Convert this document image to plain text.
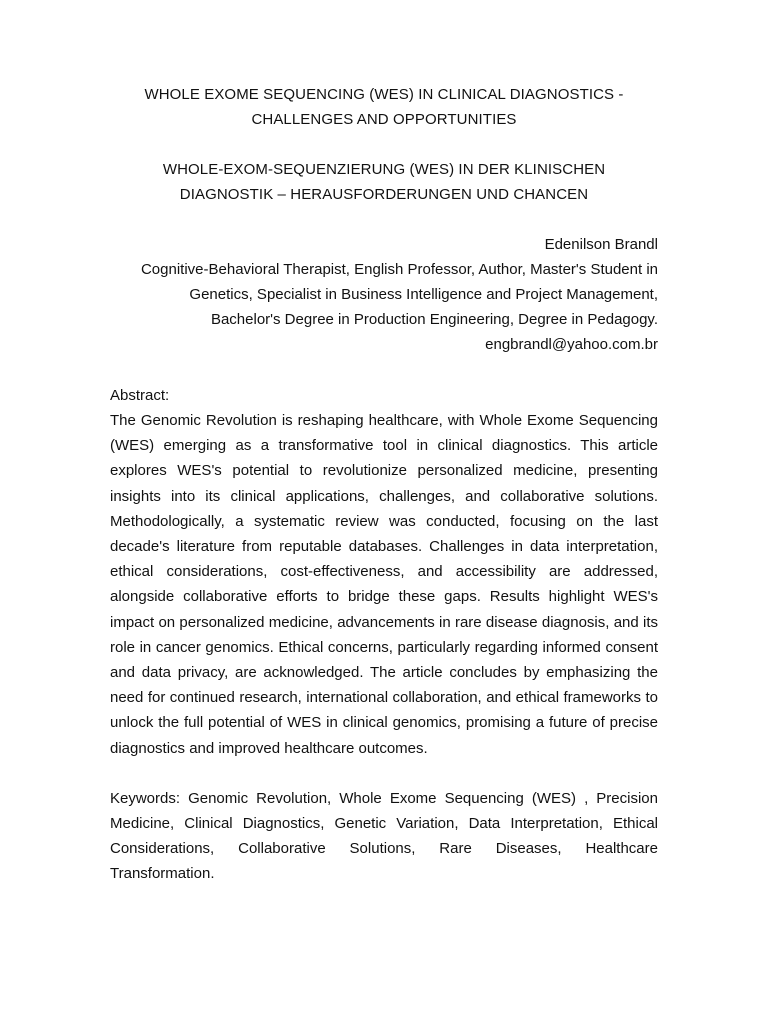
WHOLE EXOME SEQUENCING (WES) IN CLINICAL DIAGNOSTICS -
CHALLENGES AND OPPORTUNITIES
WHOLE-EXOM-SEQUENZIERUNG (WES) IN DER KLINISCHEN
DIAGNOSTIK – HERAUSFORDERUNGEN UND CHANCEN
Edenilson Brandl
Cognitive-Behavioral Therapist, English Professor, Author, Master's Student in
Genetics, Specialist in Business Intelligence and Project Management,
Bachelor's Degree in Production Engineering, Degree in Pedagogy.
engbrandl@yahoo.com.br
Abstract:

The Genomic Revolution is reshaping healthcare, with Whole Exome Sequencing (WES) emerging as a transformative tool in clinical diagnostics. This article explores WES's potential to revolutionize personalized medicine, presenting insights into its clinical applications, challenges, and collaborative solutions. Methodologically, a systematic review was conducted, focusing on the last decade's literature from reputable databases. Challenges in data interpretation, ethical considerations, cost-effectiveness, and accessibility are addressed, alongside collaborative efforts to bridge these gaps. Results highlight WES's impact on personalized medicine, advancements in rare disease diagnosis, and its role in cancer genomics. Ethical concerns, particularly regarding informed consent and data privacy, are acknowledged. The article concludes by emphasizing the need for continued research, international collaboration, and ethical frameworks to unlock the full potential of WES in clinical genomics, promising a future of precise diagnostics and improved healthcare outcomes.

Keywords: Genomic Revolution, Whole Exome Sequencing (WES) , Precision Medicine, Clinical Diagnostics, Genetic Variation, Data Interpretation, Ethical Considerations, Collaborative Solutions, Rare Diseases, Healthcare Transformation.
